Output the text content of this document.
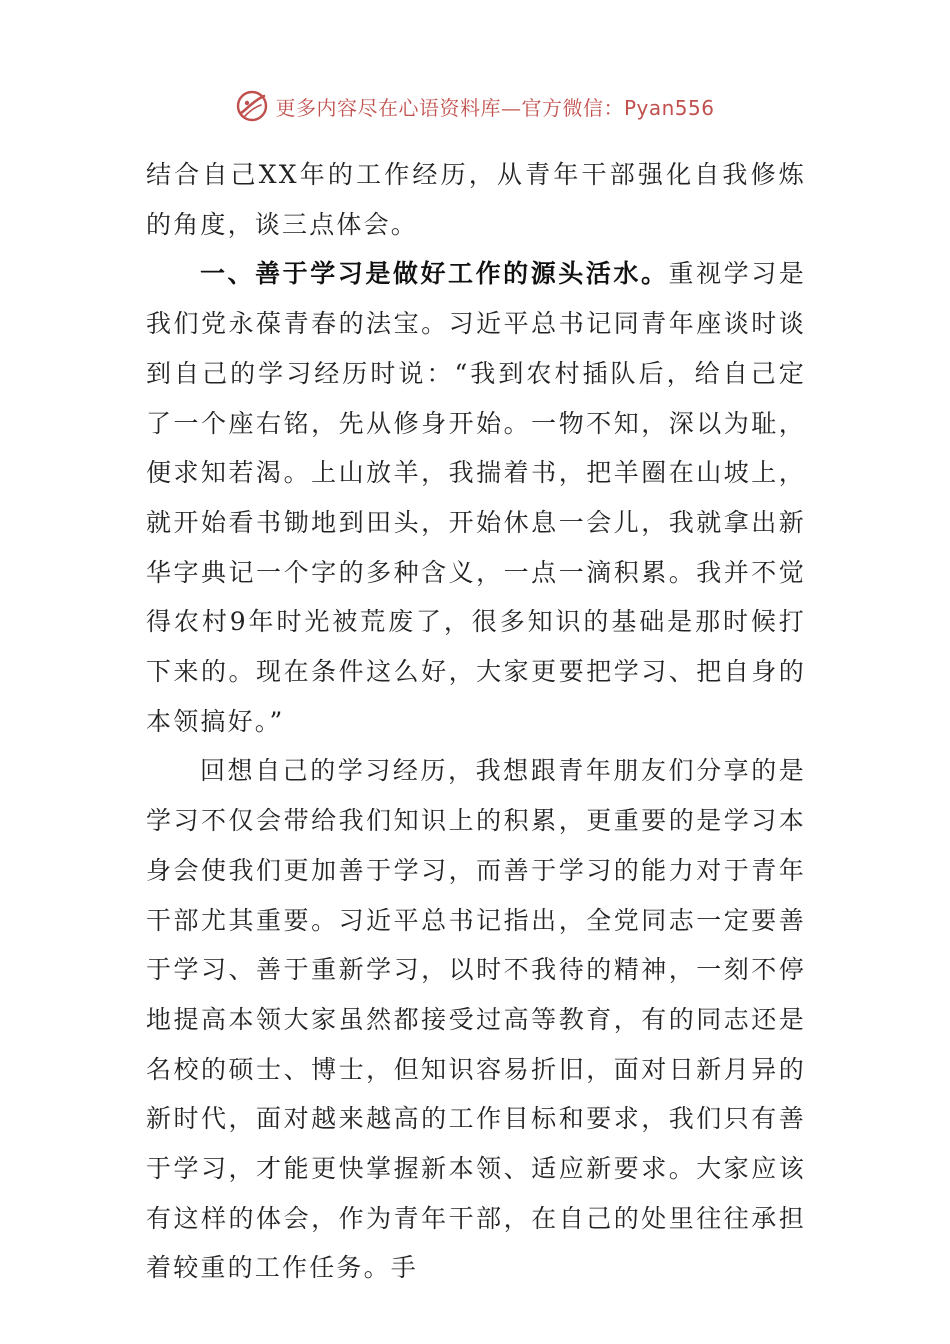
更多内容尽在心语资料库—官方微信：Pyan556

结合自己XX年的工作经历，从青年干部强化自我修炼的角度，谈三点体会。

一、善于学习是做好工作的源头活水。重视学习是我们党永葆青春的法宝。习近平总书记同青年座谈时谈到自己的学习经历时说：“我到农村插队后，给自己定了一个座右铭，先从修身开始。一物不知，深以为耻，便求知若渴。上山放羊，我揣着书，把羊圈在山坡上，就开始看书锄地到田头，开始休息一会儿，我就拿出新华字典记一个字的多种含义，一点一滴积累。我并不觉得农村9年时光被荒废了，很多知识的基础是那时候打下来的。现在条件这么好，大家更要把学习、把自身的本领搞好。”

回想自己的学习经历，我想跟青年朋友们分享的是学习不仅会带给我们知识上的积累，更重要的是学习本身会使我们更加善于学习，而善于学习的能力对于青年干部尤其重要。习近平总书记指出，全党同志一定要善于学习、善于重新学习，以时不我待的精神，一刻不停地提高本领大家虽然都接受过高等教育，有的同志还是名校的硕士、博士，但知识容易折旧，面对日新月异的新时代，面对越来越高的工作目标和要求，我们只有善于学习，才能更快掌握新本领、适应新要求。大家应该有这样的体会，作为青年干部，在自己的处里往往承担着较重的工作任务。手
